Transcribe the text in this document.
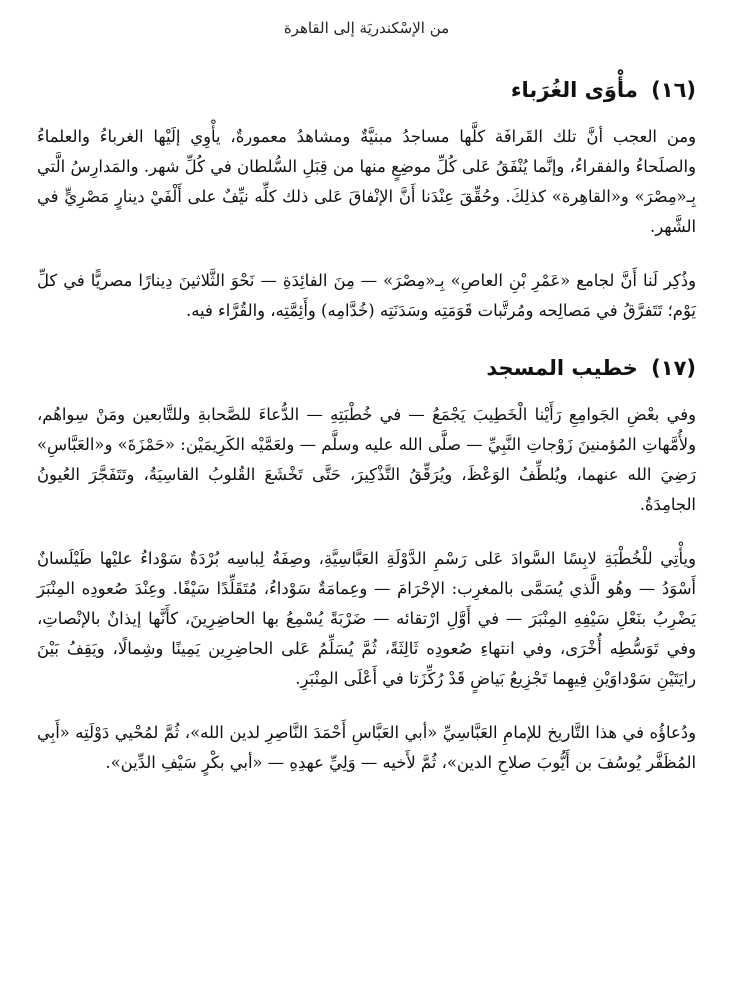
من الإسْكندريَة إلى القاهرة
(١٦) مأْوَى الغُرَباء

ومن العجب أنَّ تلك القَرافَة كلَّها مساجدُ مبنيَّةٌ ومشاهدُ معمورةٌ، يأْوِي إلَيْها الغرباءُ والعلماءُ والصلَحاءُ والفقراءُ، وإنَّما يُنْفَقُ عَلى كُلِّ موضِعٍ منها من قِبَلِ السُّلطان في كُلِّ شهر. والمَدارِسُ الَّتي بِـ«مِصْرَ» و«القاهِرة» كذلِكَ. وحُقِّقَ عِنْدَنا أَنَّ الإنْفاقَ عَلى ذلك كلِّه نيِّفٌ على أَلْفَيْ دينارٍ مَصْرِيٍّ في الشَّهر.

وذُكِر لَنا أَنَّ لجامع «عَمْرِ بْنِ العاصِ» بِـ«مِصْرَ» — مِنَ الفائِدَةِ — نَحْوَ الثَّلاثينَ دِينارًا مصريًّا في كلِّ يَوْم؛ تَتَفرَّقُ في مَصالِحه ومُرتَّبات قَوَمَتِه وسَدَنَتِه (خُدَّامِه) وأَئِمَّتِه، والقُرَّاء فيه.

(١٧) خطيب المسجد

وفي بعْضِ الجَوامِعِ رَأَيْنا الْخَطِيبَ يَجْمَعُ — في خُطْبَتِهِ — الدُّعاءَ للصَّحابةِ وللتَّابعين ومَنْ سِواهُم، ولأُمَّهاتِ المُؤمنينَ زَوْجاتِ النَّبِيِّ — صلَّى الله عليه وسلَّم — ولعَمَّيْه الكَرِيمَيْن: «حَمْزَةَ» و«العَبَّاسِ» رَضِيَ الله عنهما، ويُلطِّفُ الوَعْظَ، ويُرَقِّقُ التَّذْكِيرَ، حَتَّى تَخْشَعَ القُلوبُ القاسِيَةُ، وتَتَفَجَّرَ العُيونُ الجامِدَةُ.

ويأْتِي للْخُطْبَةِ لابِسًا السَّوادَ عَلى رَسْمِ الدَّوْلَةِ العَبَّاسِيَّةِ، وصِفَةُ لِباسِه بُرْدَةٌ سَوْداءُ عليْها طَيْلَسانٌ أَسْوَدُ — وهُو الَّذي يُسَمَّى بالمغرِب: الإحْرَامَ — وعِمامَةٌ سَوْداءُ، مُتَقَلِّدًا سَيْفًا. وعِنْدَ صُعودِه المِنْبَرَ يَضْرِبُ بنَعْلِ سَيْفِهِ المِنْبَرَ — في أَوَّلِ ارْتقائه — ضَرْبَةً يُسْمِعُ بها الحاضِرِينَ، كأَنَّها إيذانٌ بالإنْصاتِ، وفي تَوَسُّطِه أُخْرَى، وفي انتهاءِ صُعودِه ثَالِثَةً، ثُمَّ يُسَلِّمُ عَلى الحاضِرِين يَمِينًا وشِمالًا، ويَقِفُ بَيْنَ رايَتَيْنِ سَوْداوَيْنِ فِيهِما تَجْزِيعُ بَياضٍ قَدْ رُكِّزَتا في أَعْلَى المِنْبَرِ.

ودُعاؤُه في هذا التَّاريخ للإمامِ العَبَّاسِيِّ «أبي العَبَّاسِ أَحْمَدَ النَّاصِرِ لدين الله»، ثُمَّ لمُحْيي دَوْلَتِه «أَبِي المُظَفَّر يُوسُفَ بن أَيُّوبَ صلاحِ الدين»، ثُمَّ لأَخيه — وَلِيِّ عهدِهِ — «أبي بكْرٍ سَيْفِ الدِّين».
